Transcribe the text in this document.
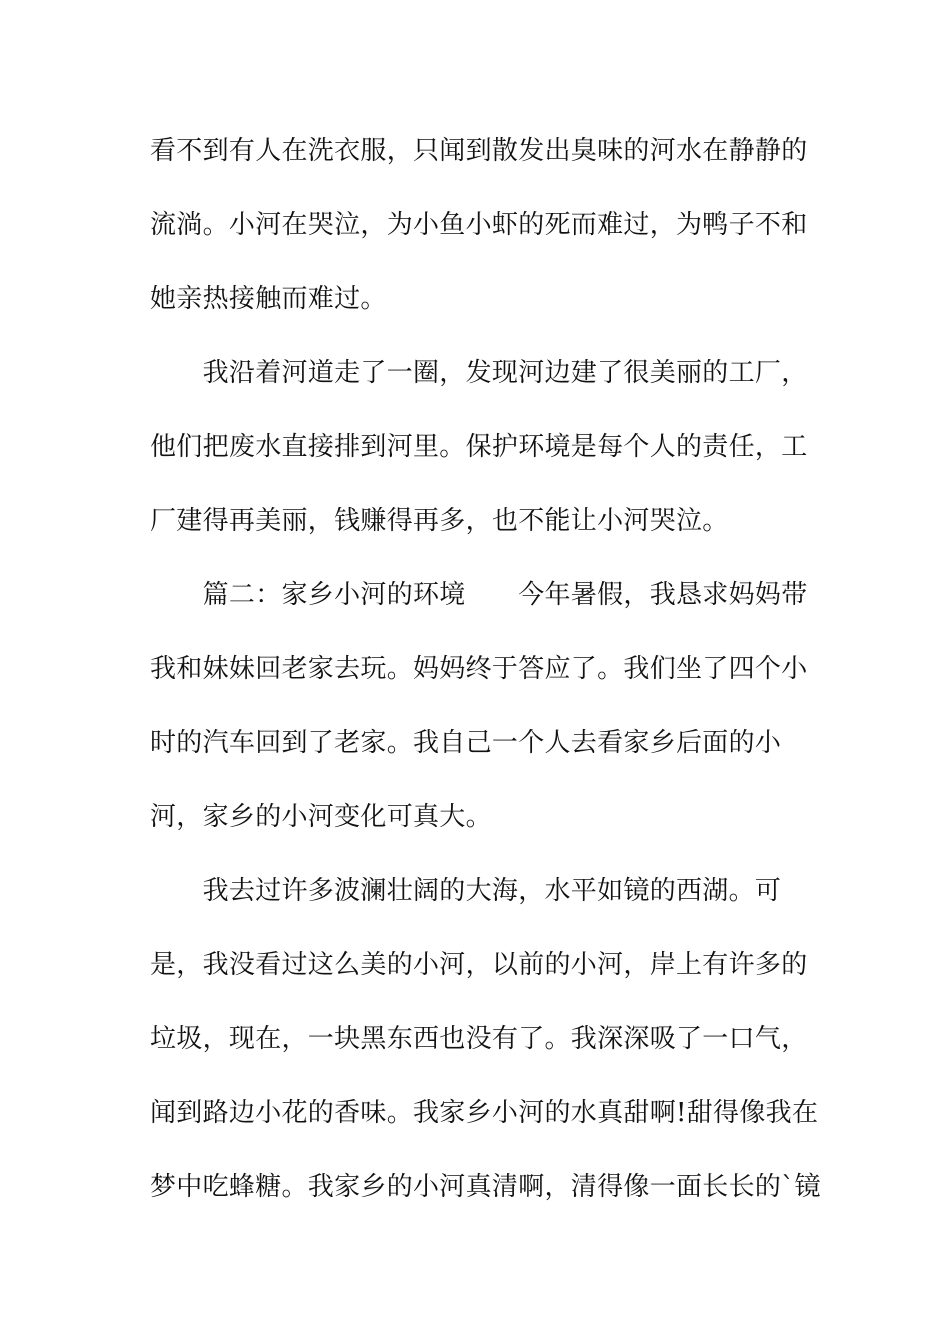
看不到有人在洗衣服，只闻到散发出臭味的河水在静静的
流淌。小河在哭泣，为小鱼小虾的死而难过，为鸭子不和
她亲热接触而难过。
　　我沿着河道走了一圈，发现河边建了很美丽的工厂，
他们把废水直接排到河里。保护环境是每个人的责任，工
厂建得再美丽，钱赚得再多，也不能让小河哭泣。
　　篇二：家乡小河的环境　　今年暑假，我恳求妈妈带
我和妹妹回老家去玩。妈妈终于答应了。我们坐了四个小
时的汽车回到了老家。我自己一个人去看家乡后面的小
河，家乡的小河变化可真大。
　　我去过许多波澜壮阔的大海，水平如镜的西湖。可
是，我没看过这么美的小河，以前的小河，岸上有许多的
垃圾，现在，一块黑东西也没有了。我深深吸了一口气，
闻到路边小花的香味。我家乡小河的水真甜啊!甜得像我在
梦中吃蜂糖。我家乡的小河真清啊，清得像一面长长的`镜
